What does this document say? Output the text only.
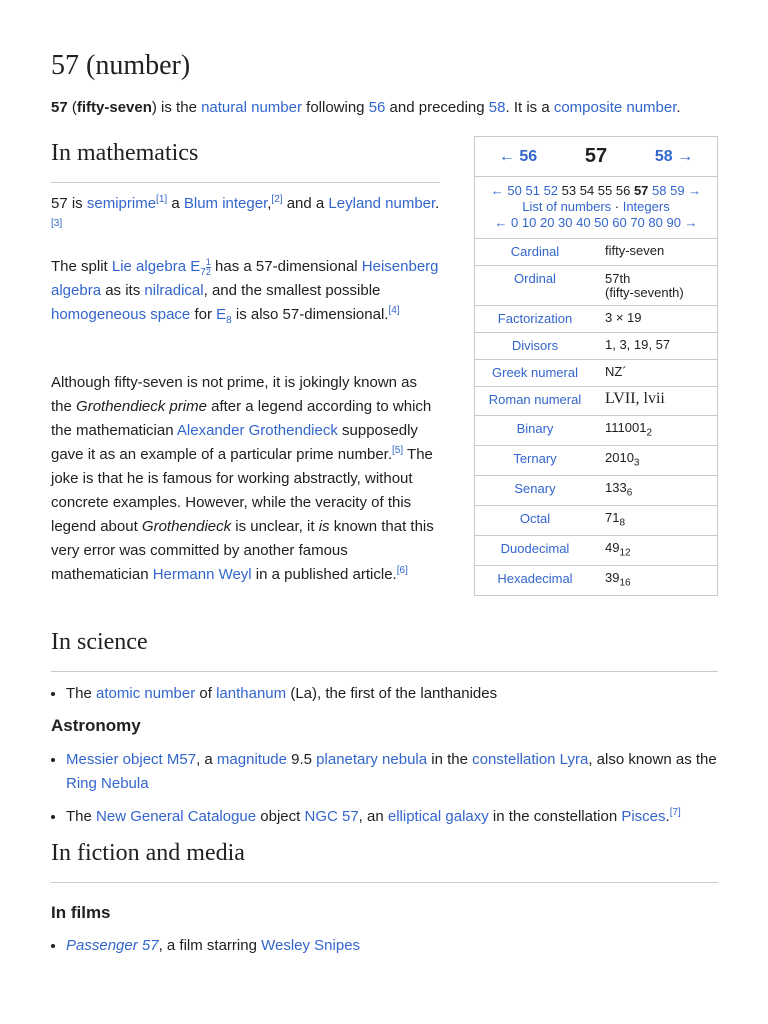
57 (number)

57 (fifty-seven) is the natural number following 56 and preceding 58. It is a composite number.

In mathematics

57 is semiprime[1] a Blum integer,[2] and a Leyland number.[3]

The split Lie algebra $E_7 \frac{1}{2}$ has a 57-dimensional Heisenberg algebra as its nilradical, and the smallest possible homogeneous space for $E_8$ is also 57-dimensional.[4]

Although fifty-seven is not prime, it is jokingly known as the Grothendieck prime after a legend according to which the mathematician Alexander Grothendieck supposedly gave it as an example of a particular prime number.[5] The joke is that he is famous for working abstractly, without concrete examples. However, while the veracity of this legend about Grothendieck is unclear, it is known that this very error was committed by another famous mathematician Hermann Weyl in a published article.[6]

← 56 57	58 →
← 50 51 52 53 54 55 56 57 58 59 →
List of numbers · Integers
← 0 10 20 30 40 50 60 70 80 90 →
Cardinal	fifty-seven
Ordinal	57th
(fifty-seventh)
Factorization	3 × 19
Divisors	1, 3, 19, 57
Greek numeral	ΝΖ´
Roman numeral	LVII, lvii
Binary	$111001_2$
Ternary	$2010_3$
Senary	$133_6$
Octal	$71_8$
Duodecimal	$49_{12}$
Hexadecimal	$39_{16}$
In science
• The atomic number of lanthanum (La), the first of the lanthanides
Astronomy
• Messier object M57, a magnitude 9.5 planetary nebula in the constellation Lyra, also known as the Ring Nebula
• The New General Catalogue object NGC 57, an elliptical galaxy in the constellation Pisces.[7]
In fiction and media
In films
• Passenger 57, a film starring Wesley Snipes
